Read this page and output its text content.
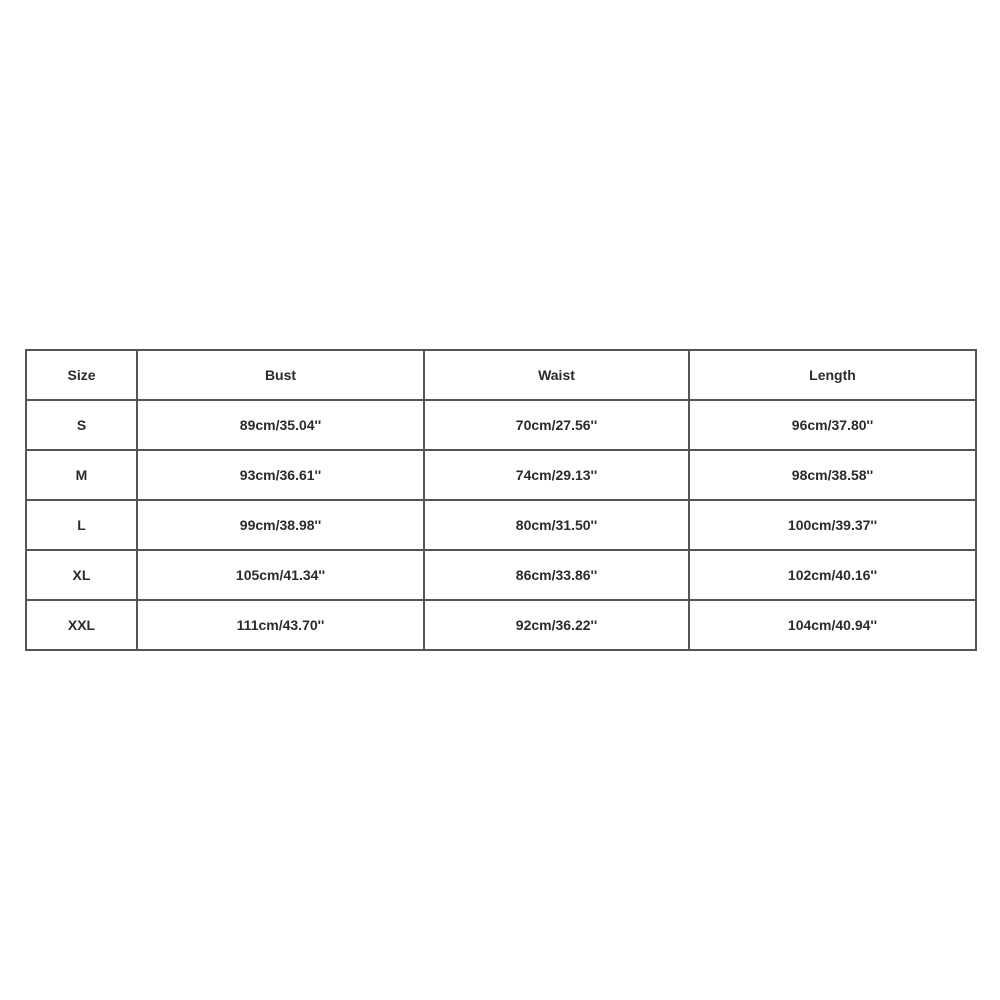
Size	Bust	Waist	Length
S	89cm/35.04''	70cm/27.56''	96cm/37.80''
M	93cm/36.61''	74cm/29.13''	98cm/38.58''
L	99cm/38.98''	80cm/31.50''	100cm/39.37''
XL	105cm/41.34''	86cm/33.86''	102cm/40.16''
XXL	111cm/43.70''	92cm/36.22''	104cm/40.94''
